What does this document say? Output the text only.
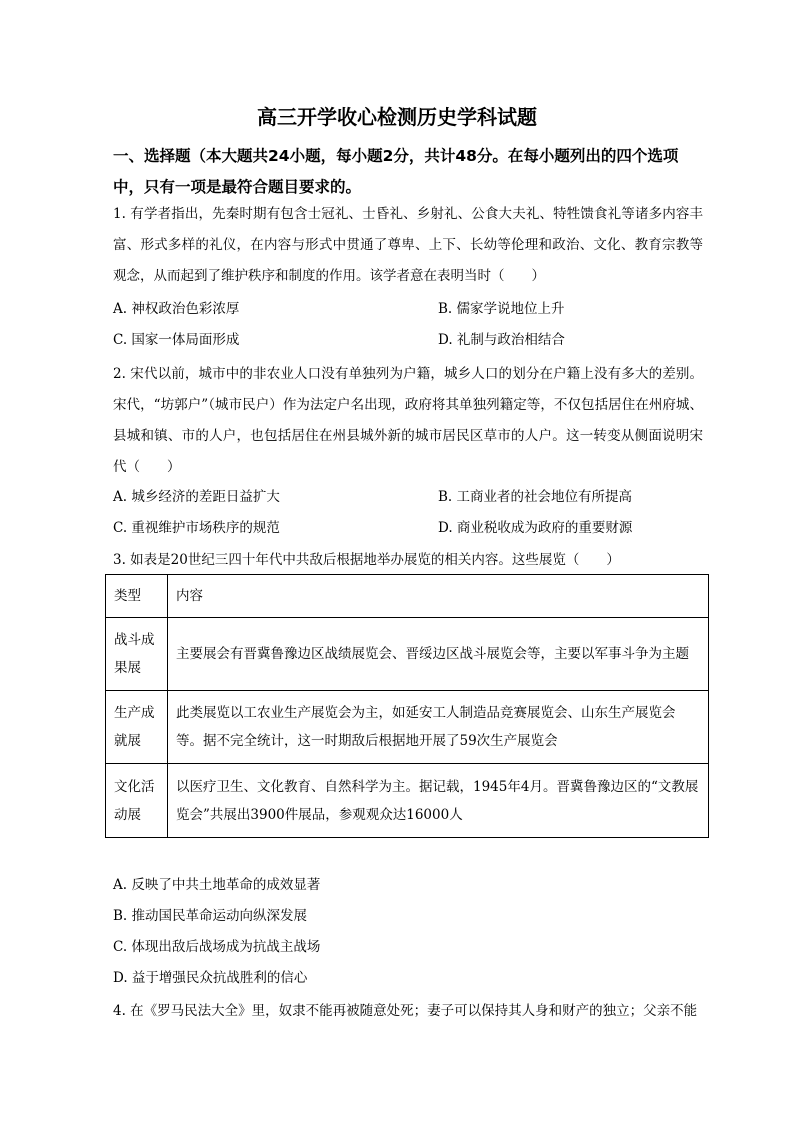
高三开学收心检测历史学科试题
一、选择题（本大题共24小题，每小题2分，共计48分。在每小题列出的四个选项中，只有一项是最符合题目要求的。
1. 有学者指出，先秦时期有包含士冠礼、士昏礼、乡射礼、公食大夫礼、特牲馈食礼等诸多内容丰富、形式多样的礼仪，在内容与形式中贯通了尊卑、上下、长幼等伦理和政治、文化、教育宗教等观念，从而起到了维护秩序和制度的作用。该学者意在表明当时（　　）
A. 神权政治色彩浓厚	B. 儒家学说地位上升
C. 国家一体局面形成	D. 礼制与政治相结合
2. 宋代以前，城市中的非农业人口没有单独列为户籍，城乡人口的划分在户籍上没有多大的差别。宋代，“坊郭户”（城市民户）作为法定户名出现，政府将其单独列籍定等，不仅包括居住在州府城、县城和镇、市的人户，也包括居住在州县城外新的城市居民区草市的人户。这一转变从侧面说明宋代（　　）
A. 城乡经济的差距日益扩大	B. 工商业者的社会地位有所提高
C. 重视维护市场秩序的规范	D. 商业税收成为政府的重要财源
3. 如表是20世纪三四十年代中共敌后根据地举办展览的相关内容。这些展览（　　）
类型	内容
战斗成果展	主要展会有晋冀鲁豫边区战绩展览会、晋绥边区战斗展览会等，主要以军事斗争为主题
生产成就展	此类展览以工农业生产展览会为主，如延安工人制造品竞赛展览会、山东生产展览会等。据不完全统计，这一时期敌后根据地开展了59次生产展览会
文化活动展	以医疗卫生、文化教育、自然科学为主。据记载，1945年4月。晋冀鲁豫边区的“文教展览会”共展出3900件展品，参观观众达16000人
A. 反映了中共土地革命的成效显著
B. 推动国民革命运动向纵深发展
C. 体现出敌后战场成为抗战主战场
D. 益于增强民众抗战胜利的信心
4. 在《罗马民法大全》里，奴隶不能再被随意处死；妻子可以保持其人身和财产的独立；父亲不能
